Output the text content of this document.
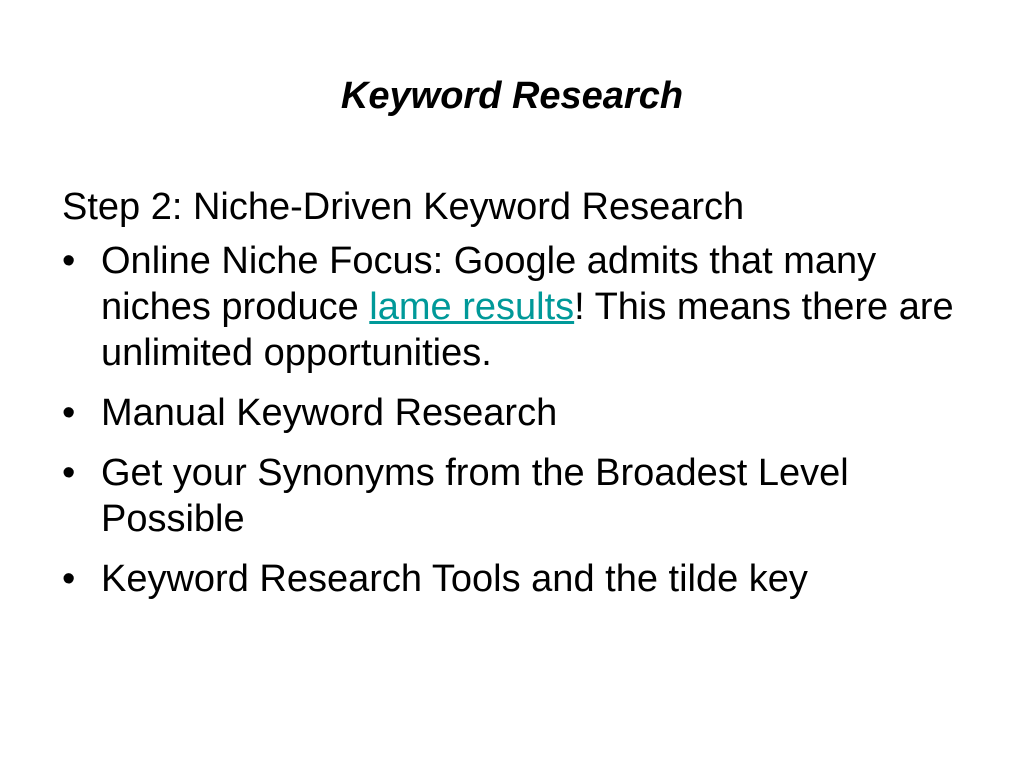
Keyword Research
Step 2: Niche-Driven Keyword Research
• Online Niche Focus: Google admits that many niches produce lame results! This means there are unlimited opportunities.
• Manual Keyword Research
• Get your Synonyms from the Broadest Level Possible
• Keyword Research Tools and the tilde key
